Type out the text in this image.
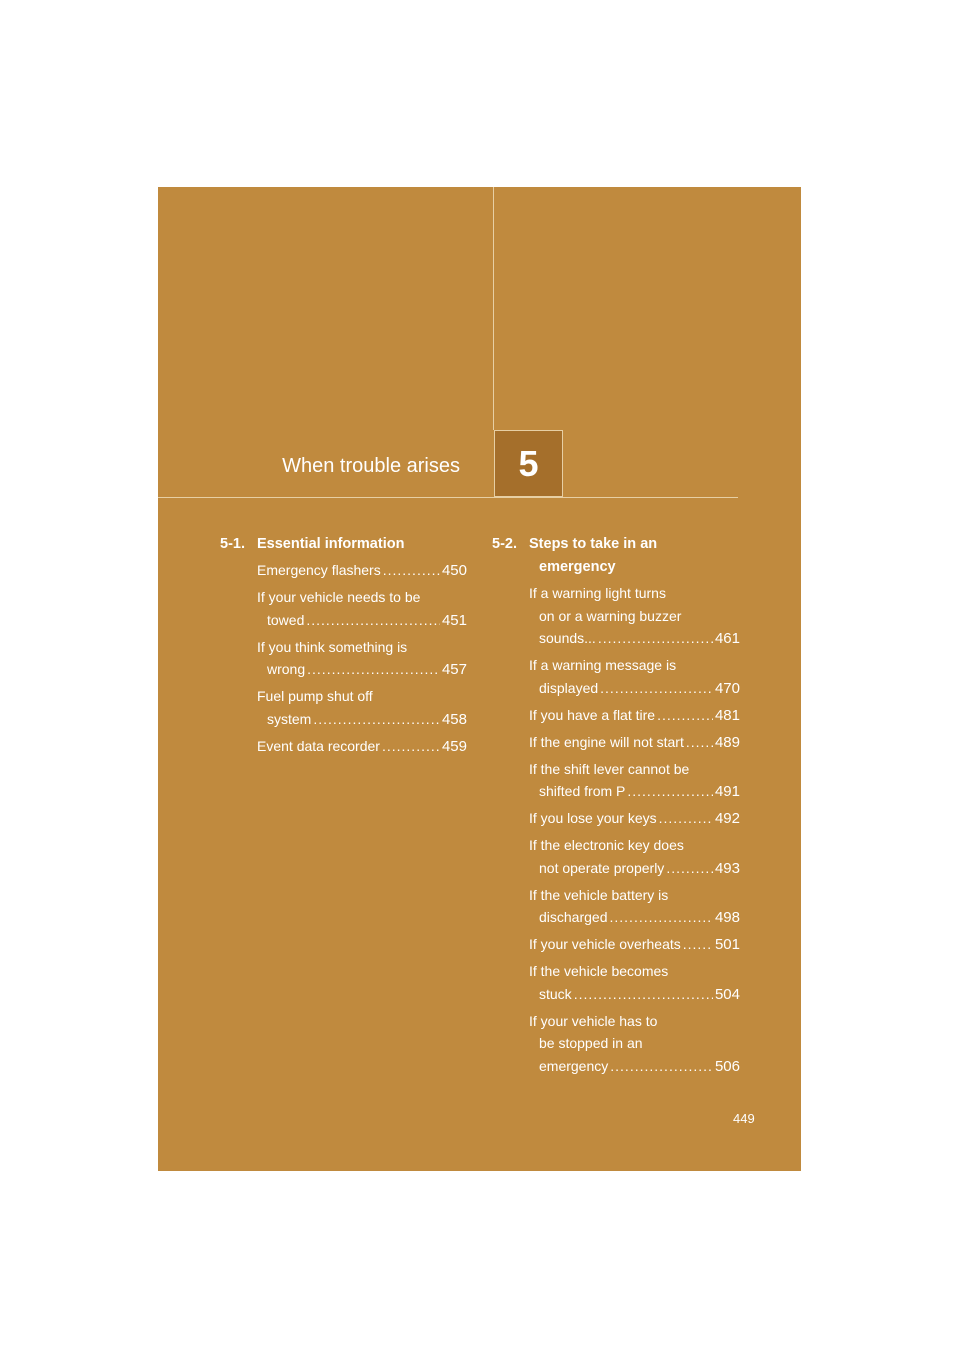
When trouble arises 5
5-1. Essential information
Emergency flashers .....	450
If your vehicle needs to be
towed .....	451
If you think something is
wrong .....	457
Fuel pump shut off
system .....	458
Event data recorder .....	459
5-2. Steps to take in an
emergency
If a warning light turns
on or a warning buzzer
sounds... .....	461
If a warning message is
displayed .....	470
If you have a flat tire .....	481
If the engine will not start ..... 489
If the shift lever cannot be
shifted from P .....	491
If you lose your keys .....	492
If the electronic key does
not operate properly .....	493
If the vehicle battery is
discharged .....	498
If your vehicle overheats ..... 501
If the vehicle becomes
stuck .....	504
If your vehicle has to
be stopped in an
emergency .....	506
449
